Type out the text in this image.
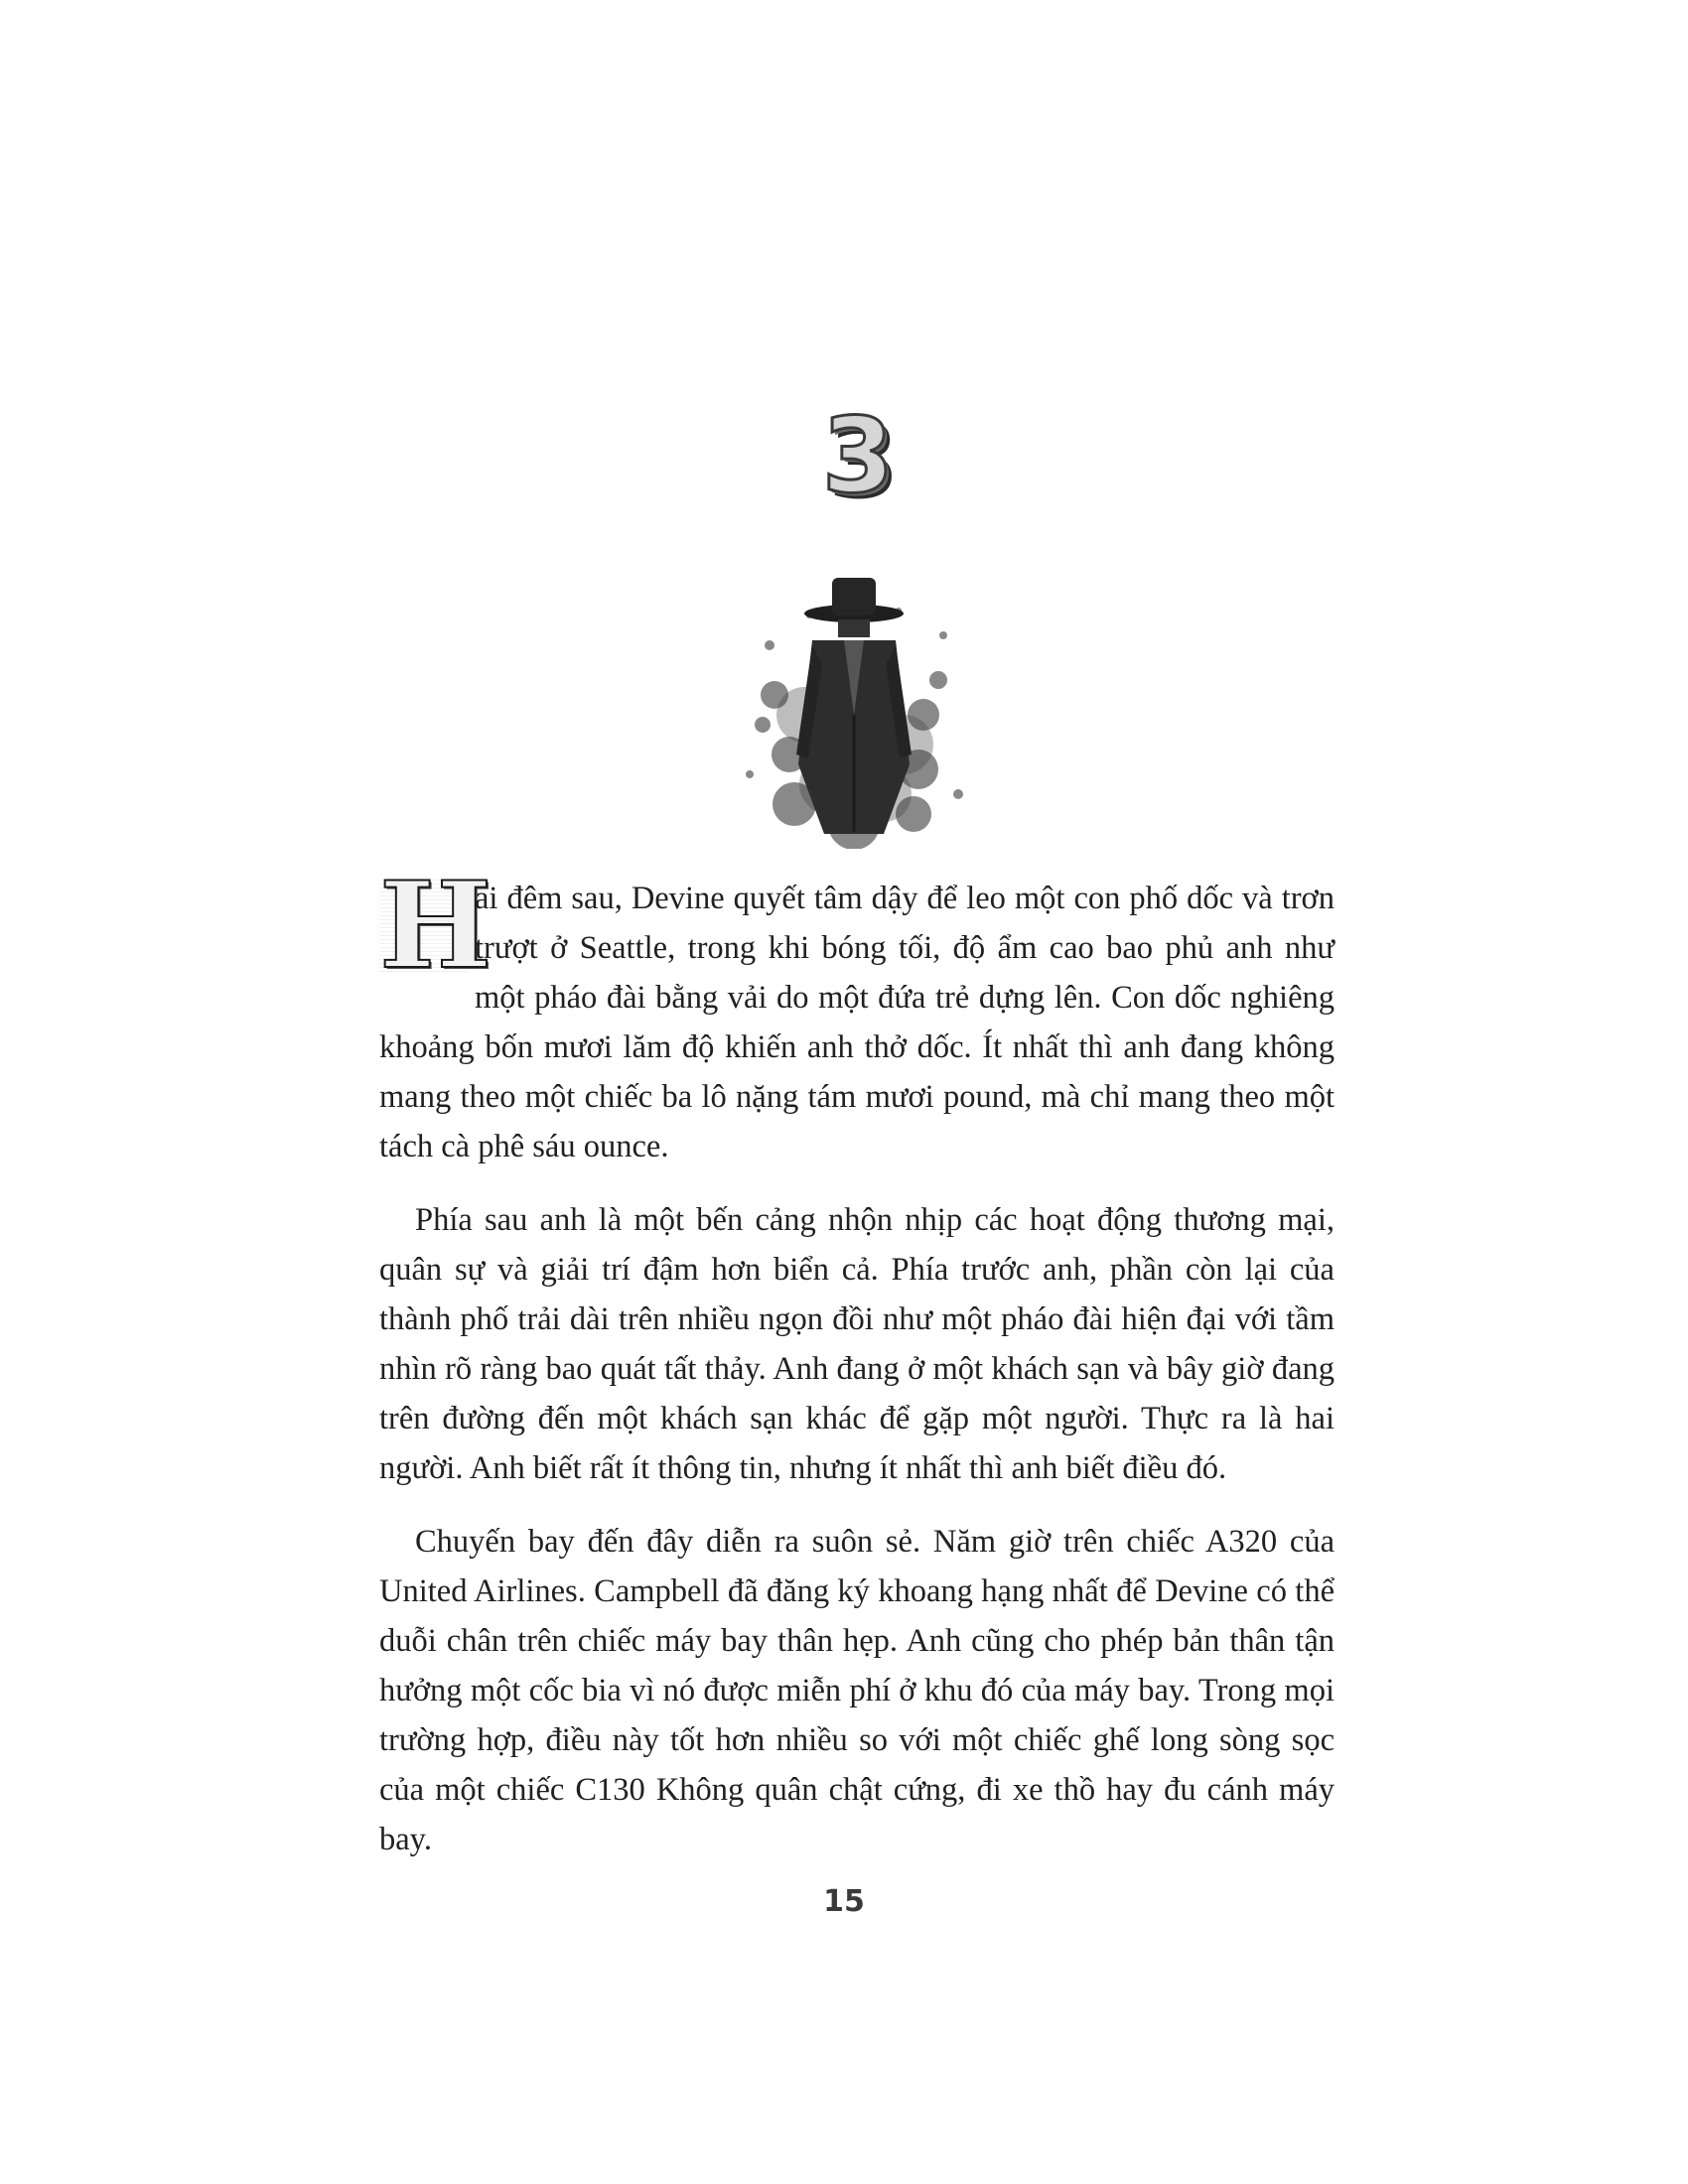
3

H
ai đêm sau, Devine quyết tâm dậy để leo một con phố dốc và trơn trượt ở Seattle, trong khi bóng tối, độ ẩm cao bao phủ anh như một pháo đài bằng vải do một đứa trẻ dựng lên. Con dốc nghiêng khoảng bốn mươi lăm độ khiến anh thở dốc. Ít nhất thì anh đang không mang theo một chiếc ba lô nặng tám mươi pound, mà chỉ mang theo một tách cà phê sáu ounce.

Phía sau anh là một bến cảng nhộn nhịp các hoạt động thương mại, quân sự và giải trí đậm hơn biển cả. Phía trước anh, phần còn lại của thành phố trải dài trên nhiều ngọn đồi như một pháo đài hiện đại với tầm nhìn rõ ràng bao quát tất thảy. Anh đang ở một khách sạn và bây giờ đang trên đường đến một khách sạn khác để gặp một người. Thực ra là hai người. Anh biết rất ít thông tin, nhưng ít nhất thì anh biết điều đó.

Chuyến bay đến đây diễn ra suôn sẻ. Năm giờ trên chiếc A320 của United Airlines. Campbell đã đăng ký khoang hạng nhất để Devine có thể duỗi chân trên chiếc máy bay thân hẹp. Anh cũng cho phép bản thân tận hưởng một cốc bia vì nó được miễn phí ở khu đó của máy bay. Trong mọi trường hợp, điều này tốt hơn nhiều so với một chiếc ghế long sòng sọc của một chiếc C130 Không quân chật cứng, đi xe thồ hay đu cánh máy bay.

15
